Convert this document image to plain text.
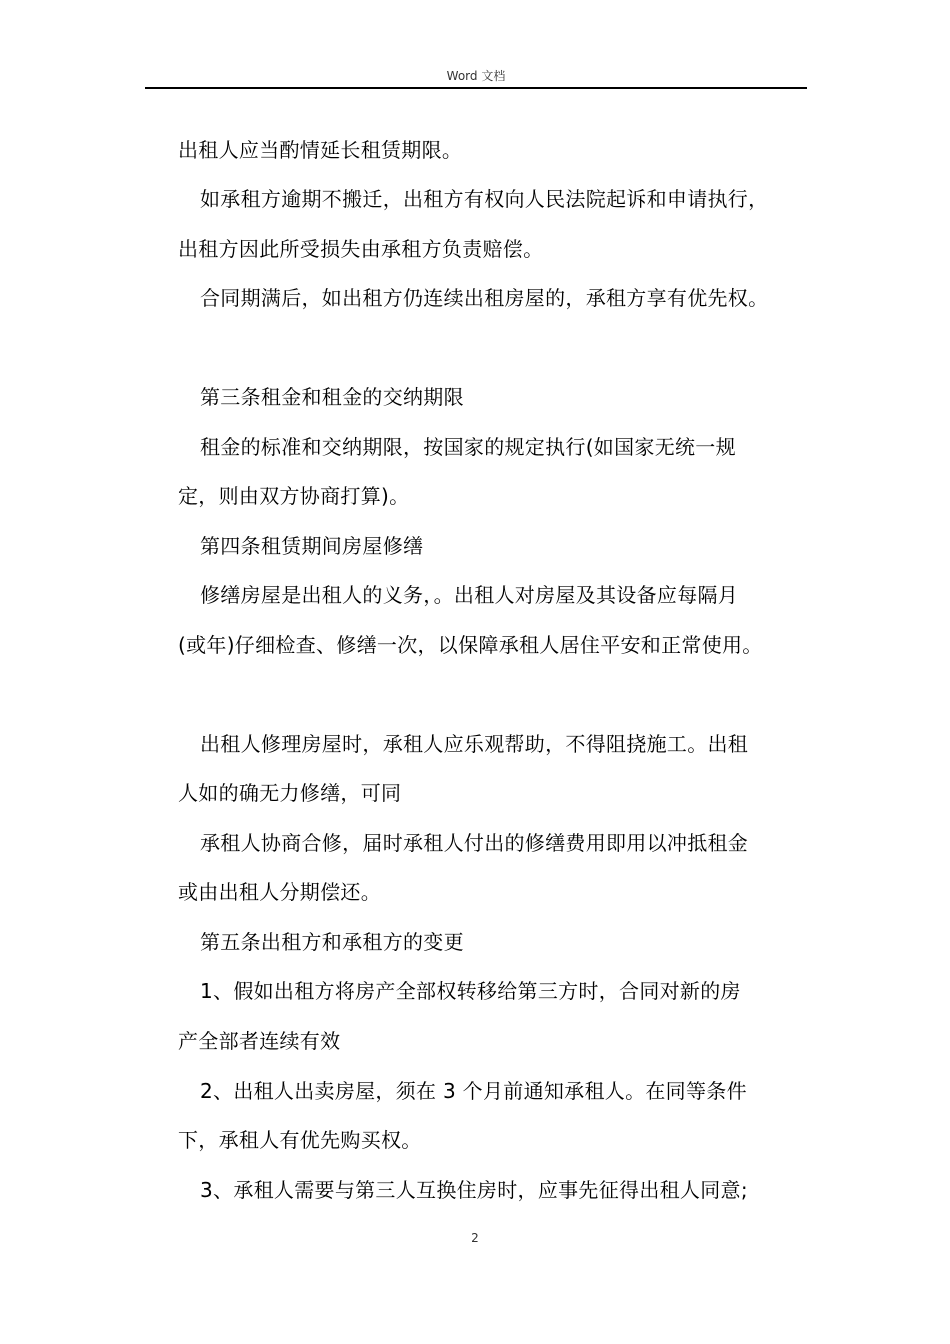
Word 文档
出租人应当酌情延长租赁期限。
如承租方逾期不搬迁，出租方有权向人民法院起诉和申请执行，
出租方因此所受损失由承租方负责赔偿。
合同期满后，如出租方仍连续出租房屋的，承租方享有优先权。
第三条租金和租金的交纳期限
租金的标准和交纳期限，按国家的规定执行(如国家无统一规
定，则由双方协商打算)。
第四条租赁期间房屋修缮
修缮房屋是出租人的义务，。出租人对房屋及其设备应每隔月
(或年)仔细检查、修缮一次，以保障承租人居住平安和正常使用。
出租人修理房屋时，承租人应乐观帮助，不得阻挠施工。出租
人如的确无力修缮，可同
承租人协商合修，届时承租人付出的修缮费用即用以冲抵租金
或由出租人分期偿还。
第五条出租方和承租方的变更
1、假如出租方将房产全部权转移给第三方时，合同对新的房
产全部者连续有效
2、出租人出卖房屋，须在 3 个月前通知承租人。在同等条件
下，承租人有优先购买权。
3、承租人需要与第三人互换住房时，应事先征得出租人同意;
2
